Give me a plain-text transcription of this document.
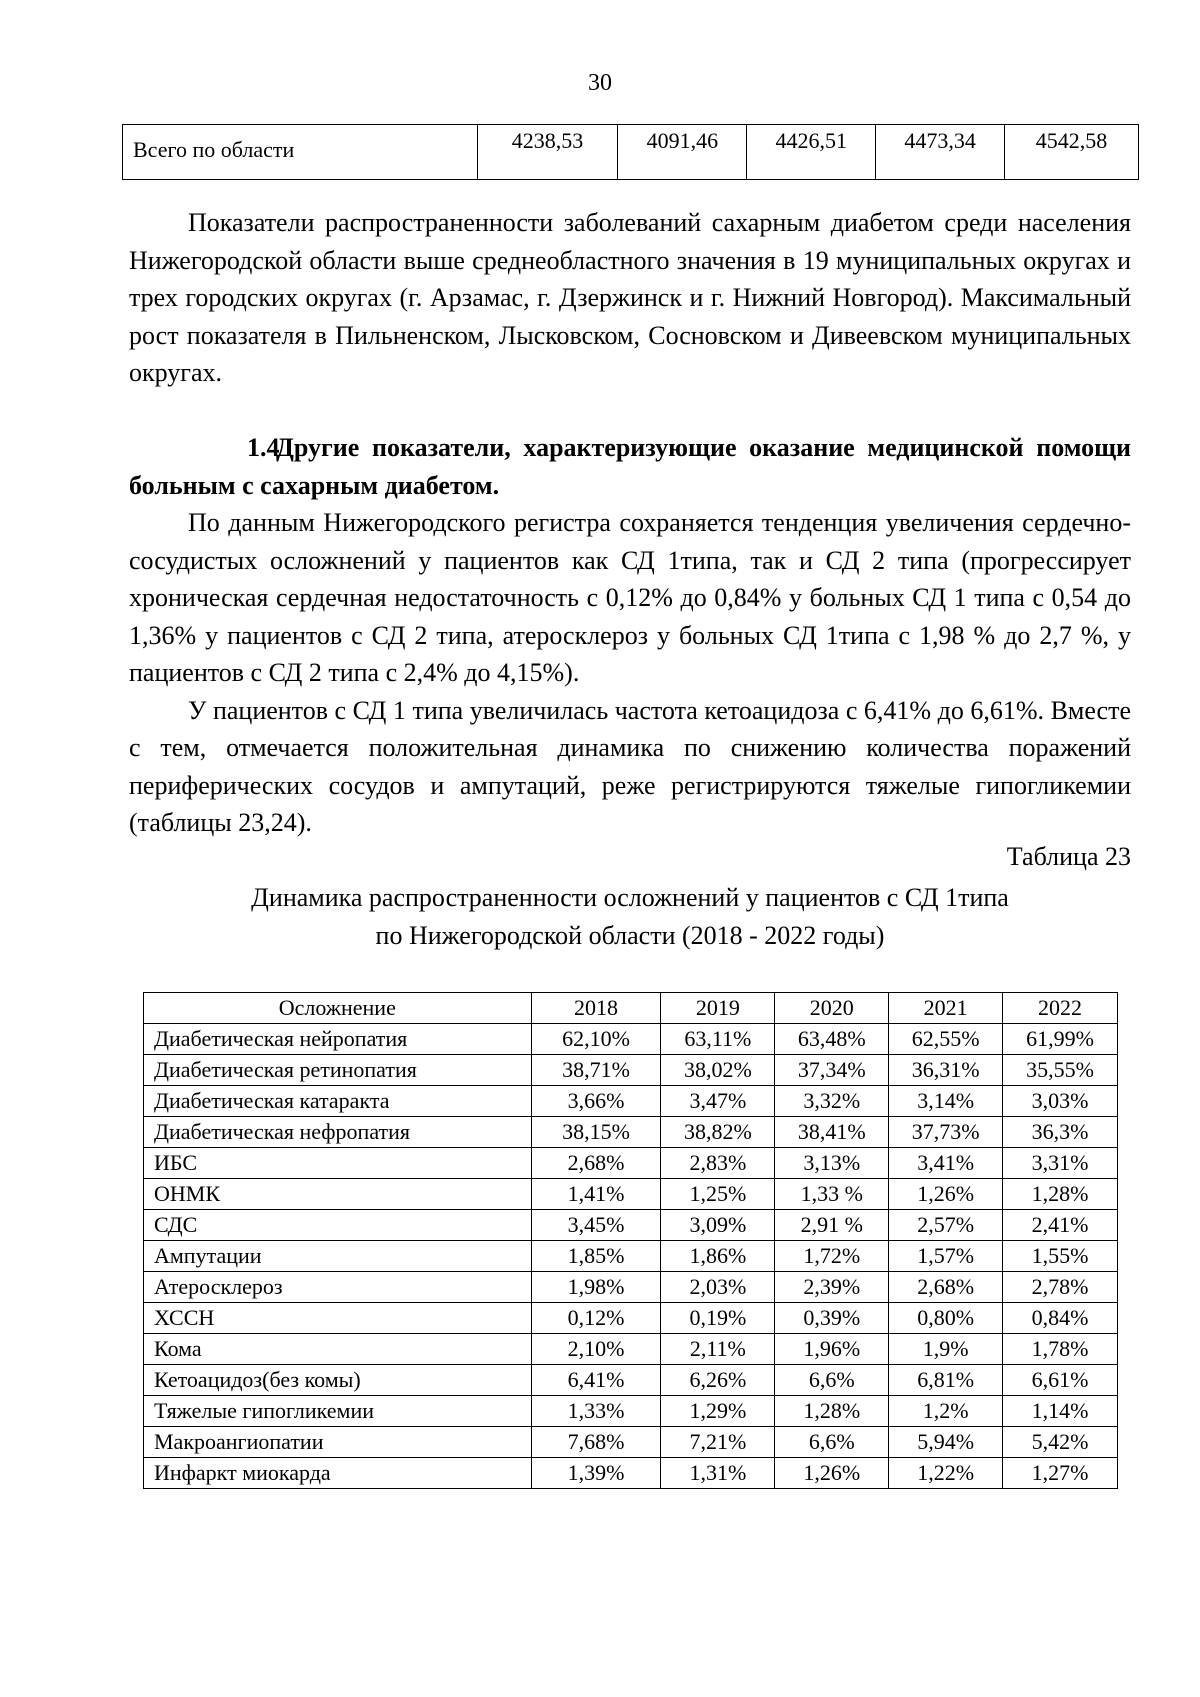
30
Всего по области	4238,53	4091,46	4426,51	4473,34	4542,58

Показатели распространенности заболеваний сахарным диабетом среди населения Нижегородской области выше среднеобластного значения в 19 муниципальных округах и трех городских округах (г. Арзамас, г. Дзержинск и г. Нижний Новгород). Максимальный рост показателя в Пильненском, Лысковском, Сосновском и Дивеевском муниципальных округах.

1.4Другие показатели, характеризующие оказание медицинской помощи больным с сахарным диабетом.

По данным Нижегородского регистра сохраняется тенденция увеличения сердечно-сосудистых осложнений у пациентов как СД 1типа, так и СД 2 типа (прогрессирует хроническая сердечная недостаточность с 0,12% до 0,84% у больных СД 1 типа с 0,54 до 1,36% у пациентов с СД 2 типа, атеросклероз у больных СД 1типа с 1,98 % до 2,7 %, у пациентов с СД 2 типа с 2,4% до 4,15%).

У пациентов с СД 1 типа увеличилась частота кетоацидоза с 6,41% до 6,61%. Вместе с тем, отмечается положительная динамика по снижению количества поражений периферических сосудов и ампутаций, реже регистрируются тяжелые гипогликемии (таблицы 23,24).

Таблица 23
Динамика распространенности осложнений у пациентов с СД 1типа
по Нижегородской области (2018 - 2022 годы)
Осложнение	2018	2019	2020	2021	2022
Диабетическая нейропатия	62,10%	63,11%	63,48%	62,55%	61,99%
Диабетическая ретинопатия	38,71%	38,02%	37,34%	36,31%	35,55%
Диабетическая катаракта	3,66%	3,47%	3,32%	3,14%	3,03%
Диабетическая нефропатия	38,15%	38,82%	38,41%	37,73%	36,3%
ИБС	2,68%	2,83%	3,13%	3,41%	3,31%
ОНМК	1,41%	1,25%	1,33 %	1,26%	1,28%
СДС	3,45%	3,09%	2,91 %	2,57%	2,41%
Ампутации	1,85%	1,86%	1,72%	1,57%	1,55%
Атеросклероз	1,98%	2,03%	2,39%	2,68%	2,78%
ХССН	0,12%	0,19%	0,39%	0,80%	0,84%
Кома	2,10%	2,11%	1,96%	1,9%	1,78%
Кетоацидоз(без комы)	6,41%	6,26%	6,6%	6,81%	6,61%
Тяжелые гипогликемии	1,33%	1,29%	1,28%	1,2%	1,14%
Макроангиопатии	7,68%	7,21%	6,6%	5,94%	5,42%
Инфаркт миокарда	1,39%	1,31%	1,26%	1,22%	1,27%
